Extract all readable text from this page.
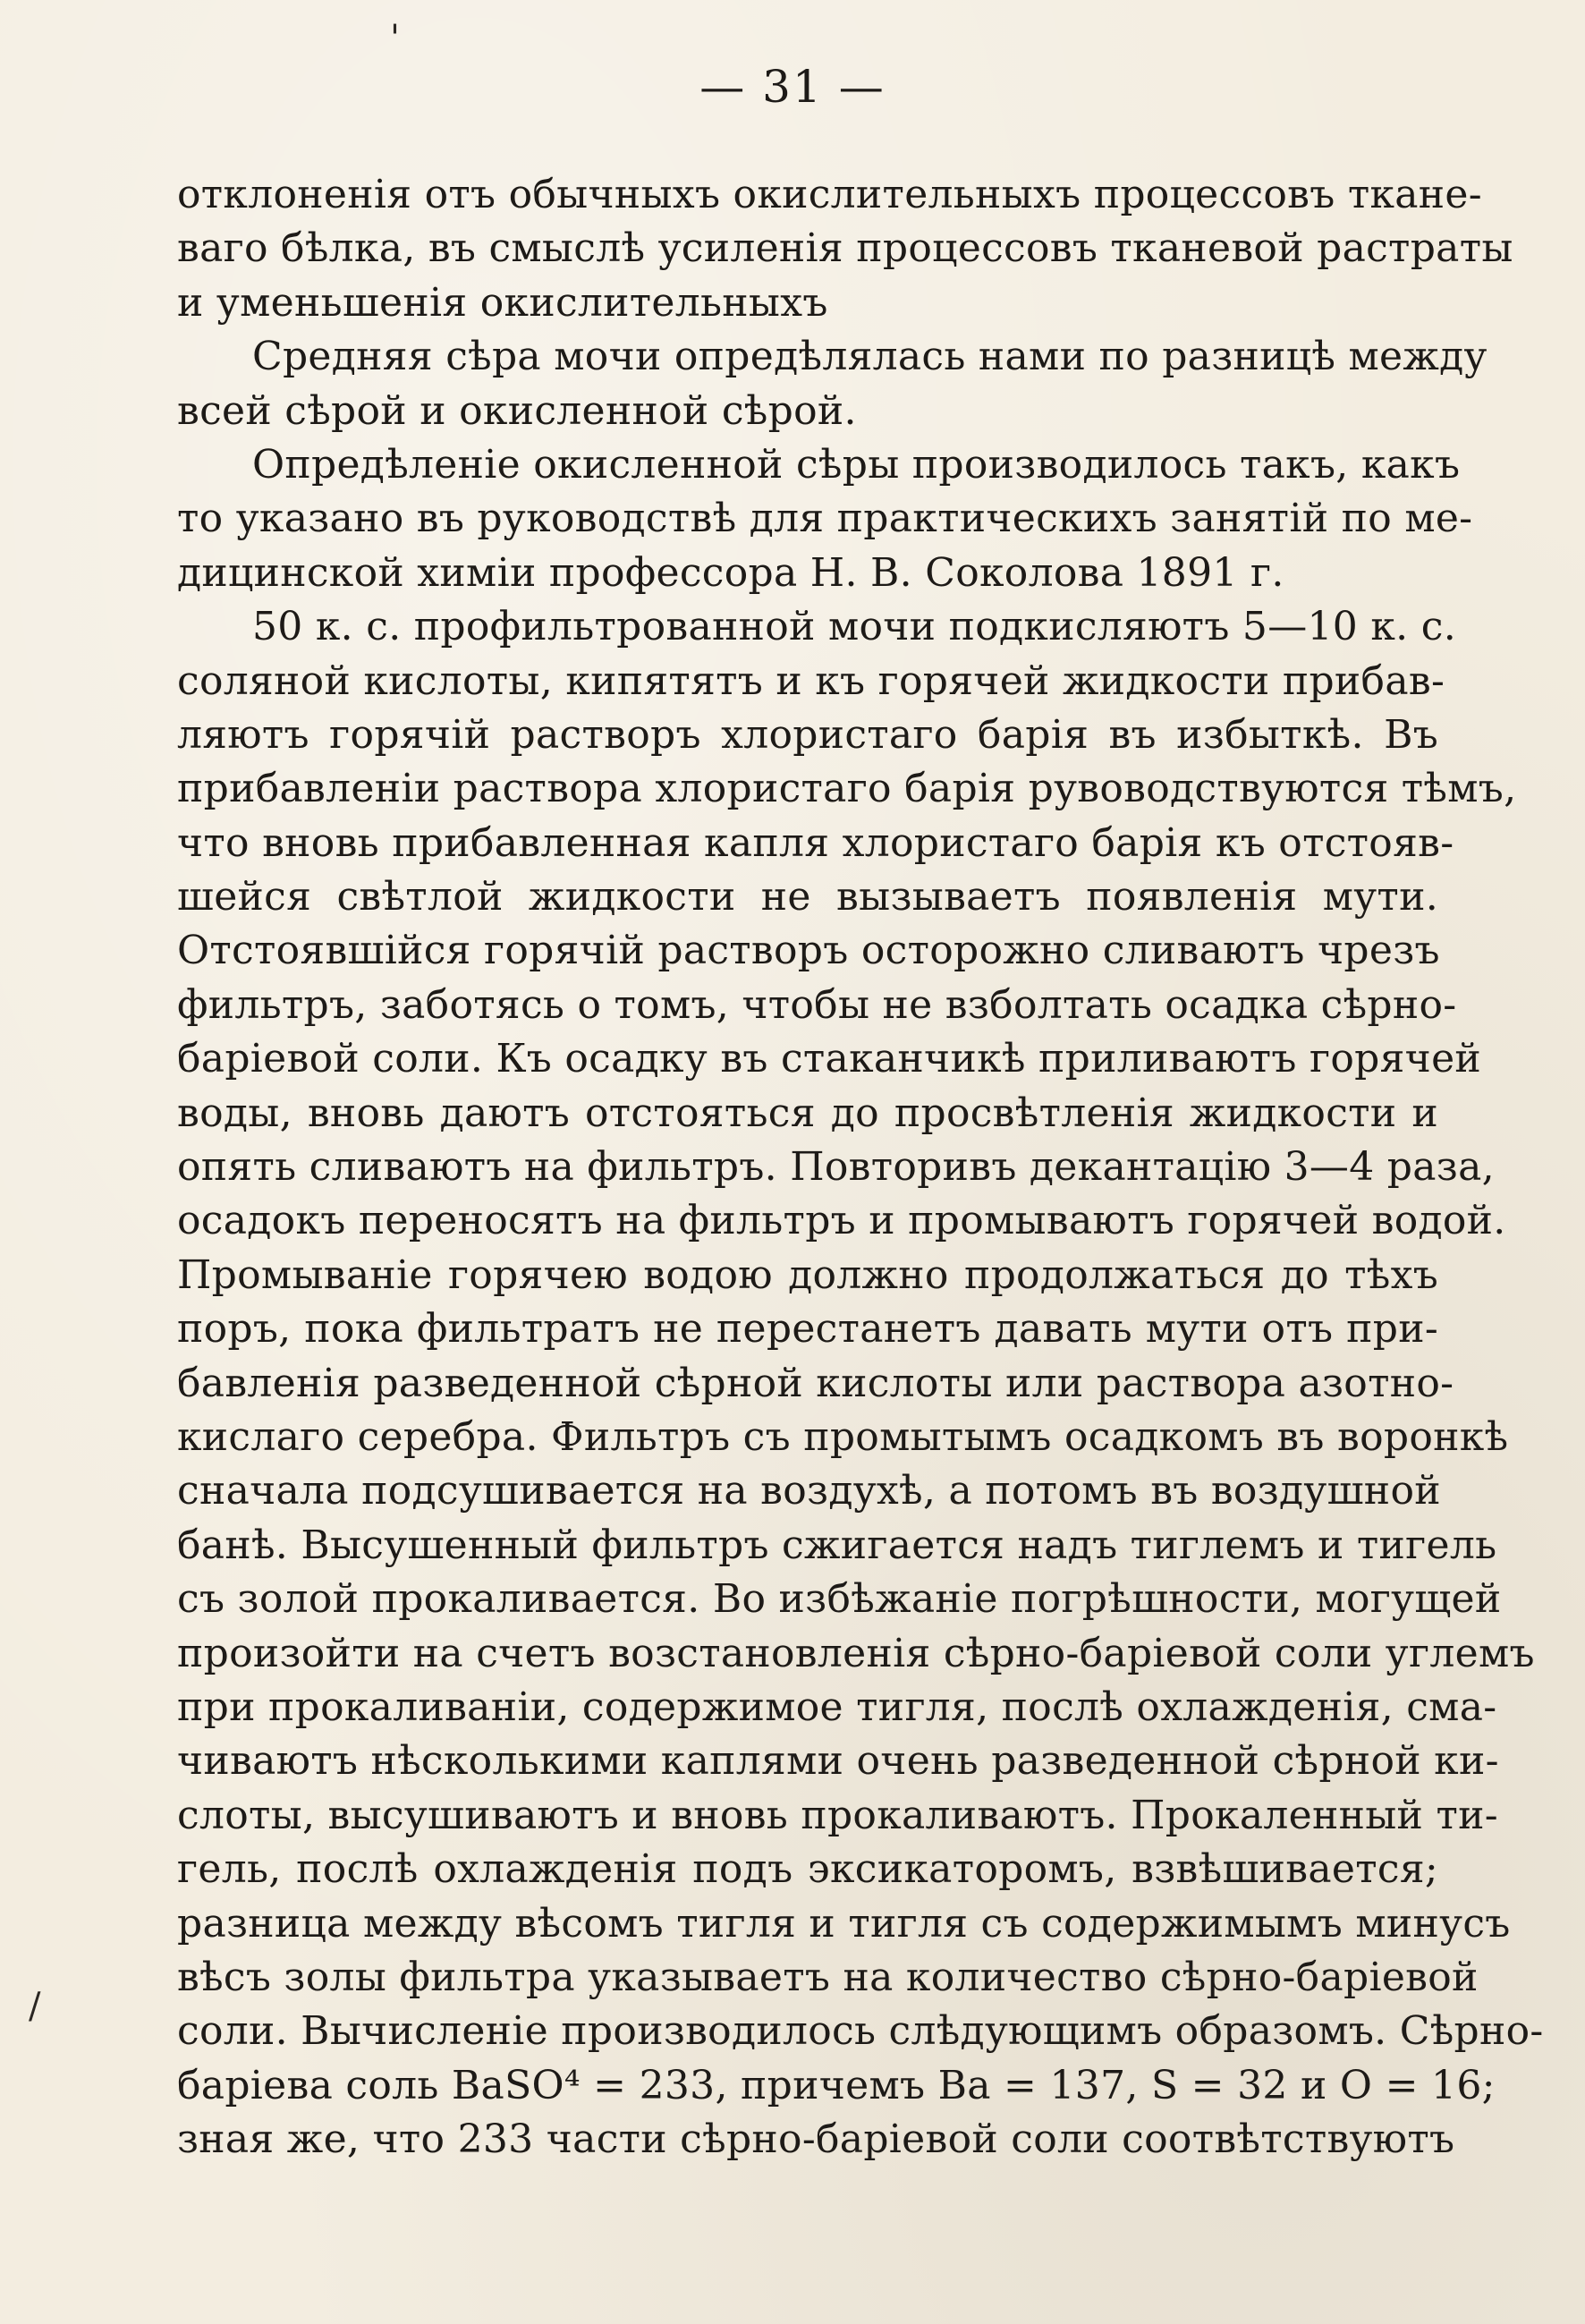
— 31 —
отклоненія отъ обычныхъ окислительныхъ процессовъ ткане-
ваго бѣлка, въ смыслѣ усиленія процессовъ тканевой растраты
и уменьшенія окислительныхъ
Средняя сѣра мочи опредѣлялась нами по разницѣ между
всей сѣрой и окисленной сѣрой.
Опредѣленіе окисленной сѣры производилось такъ, какъ
то указано въ руководствѣ для практическихъ занятій по ме-
дицинской химіи профессора Н. В. Соколова 1891 г.
50 к. с. профильтрованной мочи подкисляютъ 5—10 к. с.
соляной кислоты, кипятятъ и къ горячей жидкости прибав-
ляютъ горячій растворъ хлористаго барія въ избыткѣ. Въ
прибавленіи раствора хлористаго барія рувоводствуются тѣмъ,
что вновь прибавленная капля хлористаго барія къ отстояв-
шейся свѣтлой жидкости не вызываетъ появленія мути.
Отстоявшійся горячій растворъ осторожно сливаютъ чрезъ
фильтръ, заботясь о томъ, чтобы не взболтать осадка сѣрно-
баріевой соли. Къ осадку въ стаканчикѣ приливаютъ горячей
воды, вновь даютъ отстояться до просвѣтленія жидкости и
опять сливаютъ на фильтръ. Повторивъ декантацію 3—4 раза,
осадокъ переносятъ на фильтръ и промываютъ горячей водой.
Промываніе горячею водою должно продолжаться до тѣхъ
поръ, пока фильтратъ не перестанетъ давать мути отъ при-
бавленія разведенной сѣрной кислоты или раствора азотно-
кислаго серебра. Фильтръ съ промытымъ осадкомъ въ воронкѣ
сначала подсушивается на воздухѣ, а потомъ въ воздушной
банѣ. Высушенный фильтръ сжигается надъ тиглемъ и тигель
съ золой прокаливается. Во избѣжаніе погрѣшности, могущей
произойти на счетъ возстановленія сѣрно-баріевой соли углемъ
при прокаливаніи, содержимое тигля, послѣ охлажденія, сма-
чиваютъ нѣсколькими каплями очень разведенной сѣрной ки-
слоты, высушиваютъ и вновь прокаливаютъ. Прокаленный ти-
гель, послѣ охлажденія подъ эксикаторомъ, взвѣшивается;
разница между вѣсомъ тигля и тигля съ содержимымъ минусъ
вѣсъ золы фильтра указываетъ на количество сѣрно-баріевой
соли. Вычисленіе производилось слѣдующимъ образомъ. Сѣрно-
баріева соль BaSO⁴ = 233, причемъ Ba = 137, S = 32 и O = 16;
зная же, что 233 части сѣрно-баріевой соли соотвѣтствуютъ
/
'
